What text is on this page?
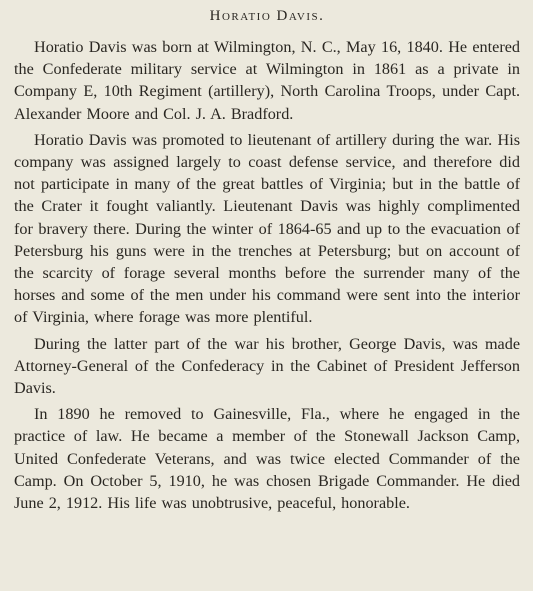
Horatio Davis.

Horatio Davis was born at Wilmington, N. C., May 16, 1840. He entered the Confederate military service at Wilmington in 1861 as a private in Company E, 10th Regiment (artillery), North Carolina Troops, under Capt. Alexander Moore and Col. J. A. Bradford.

Horatio Davis was promoted to lieutenant of artillery during the war. His company was assigned largely to coast defense service, and therefore did not participate in many of the great battles of Virginia; but in the battle of the Crater it fought valiantly. Lieutenant Davis was highly complimented for bravery there. During the winter of 1864-65 and up to the evacuation of Petersburg his guns were in the trenches at Petersburg; but on account of the scarcity of forage several months before the surrender many of the horses and some of the men under his command were sent into the interior of Virginia, where forage was more plentiful.

During the latter part of the war his brother, George Davis, was made Attorney-General of the Confederacy in the Cabinet of President Jefferson Davis.

In 1890 he removed to Gainesville, Fla., where he engaged in the practice of law. He became a member of the Stonewall Jackson Camp, United Confederate Veterans, and was twice elected Commander of the Camp. On October 5, 1910, he was chosen Brigade Commander. He died June 2, 1912. His life was unobtrusive, peaceful, honorable.
